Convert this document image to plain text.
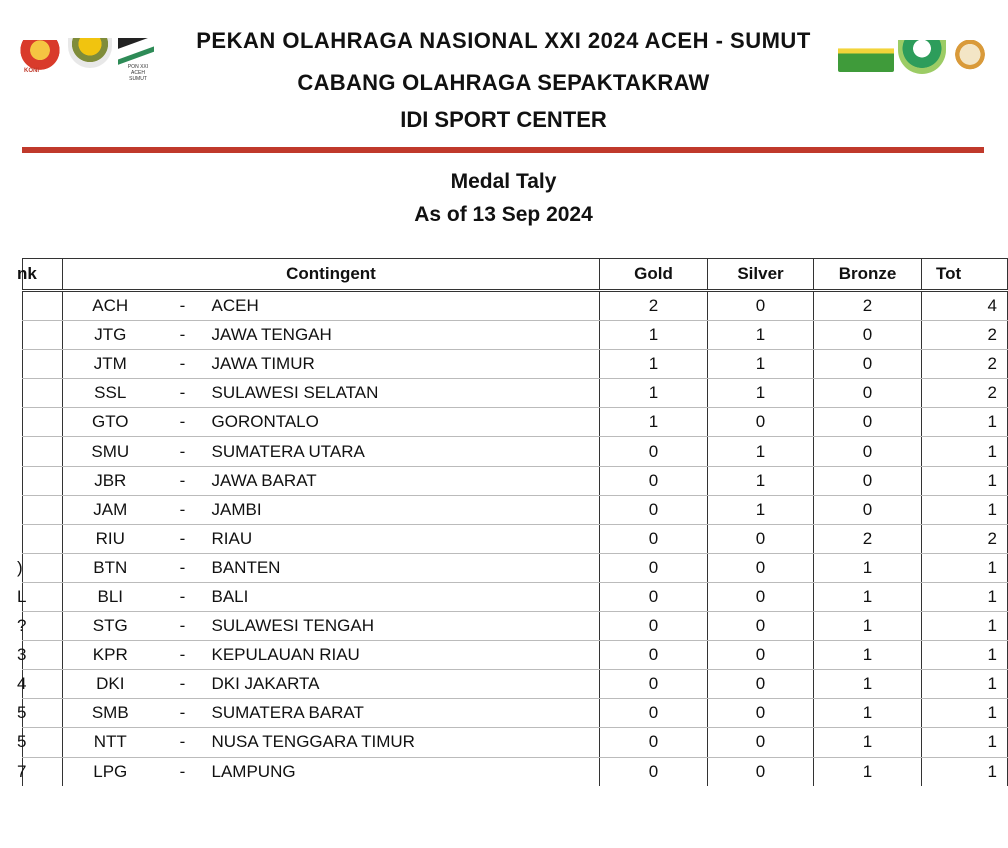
KONI
PON XXI ACEH SUMUT
PEKAN OLAHRAGA NASIONAL XXI 2024 ACEH - SUMUT
CABANG OLAHRAGA SEPAKTAKRAW
IDI SPORT CENTER
Medal Taly
As of 13 Sep 2024
nk	Contingent			Gold	Silver	Bronze	Tot
	ACH	-	ACEH	2	0	2	4
	JTG	-	JAWA TENGAH	1	1	0	2
	JTM	-	JAWA TIMUR	1	1	0	2
	SSL	-	SULAWESI SELATAN	1	1	0	2
	GTO	-	GORONTALO	1	0	0	1
	SMU	-	SUMATERA UTARA	0	1	0	1
	JBR	-	JAWA BARAT	0	1	0	1
	JAM	-	JAMBI	0	1	0	1
	RIU	-	RIAU	0	0	2	2
)	BTN	-	BANTEN	0	0	1	1
L	BLI	-	BALI	0	0	1	1
?	STG	-	SULAWESI TENGAH	0	0	1	1
3	KPR	-	KEPULAUAN RIAU	0	0	1	1
4	DKI	-	DKI JAKARTA	0	0	1	1
5	SMB	-	SUMATERA BARAT	0	0	1	1
5	NTT	-	NUSA TENGGARA TIMUR	0	0	1	1
7	LPG	-	LAMPUNG	0	0	1	1
